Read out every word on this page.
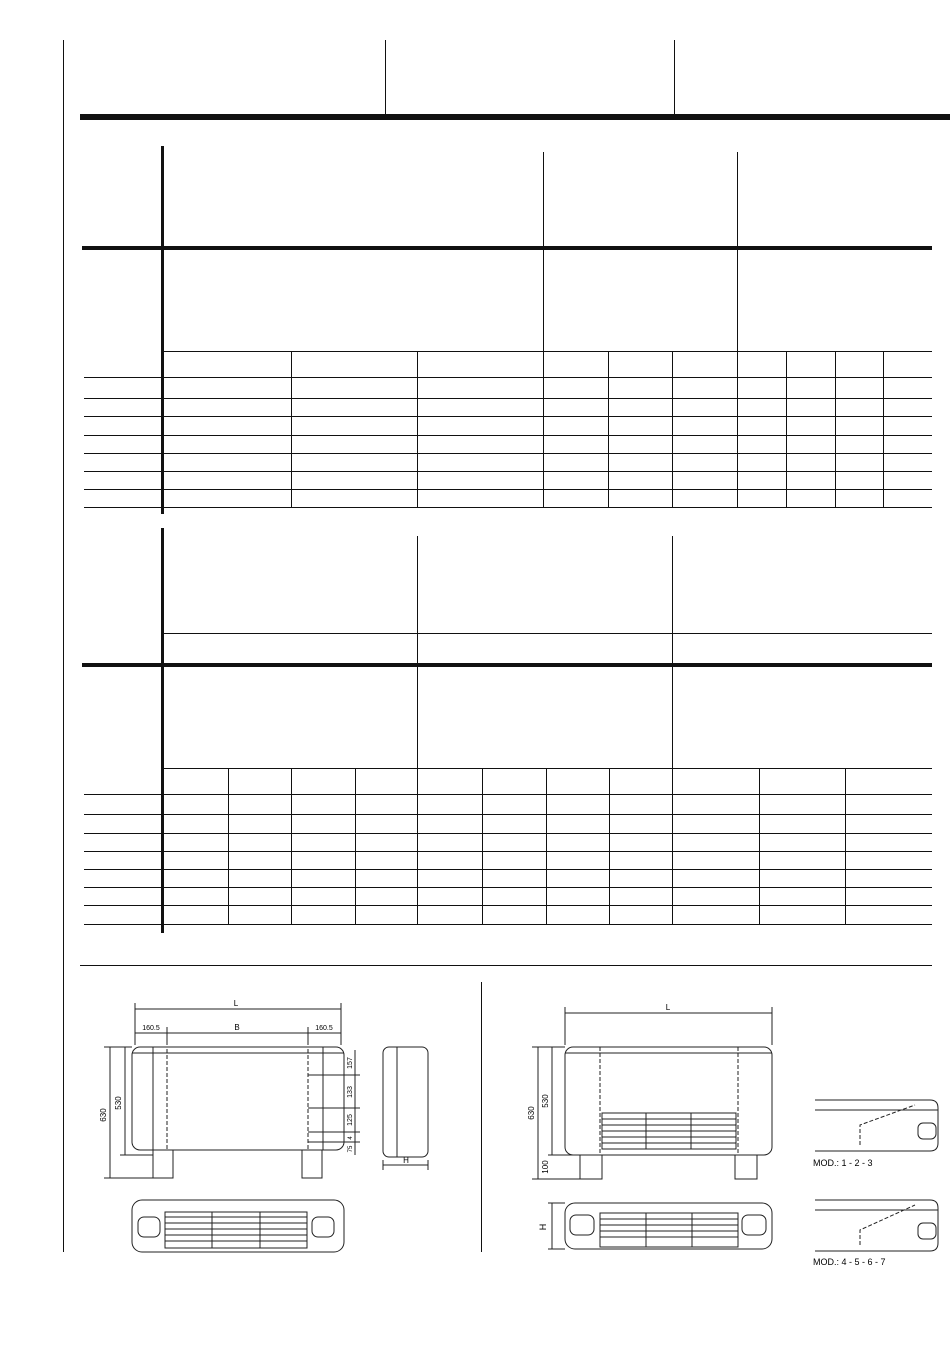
L
B
160.5	160.5
630
530
157
133
125
4
75
H
L
630
530
100
H
MOD.: 1 - 2 - 3
MOD.: 4 - 5 - 6 - 7
